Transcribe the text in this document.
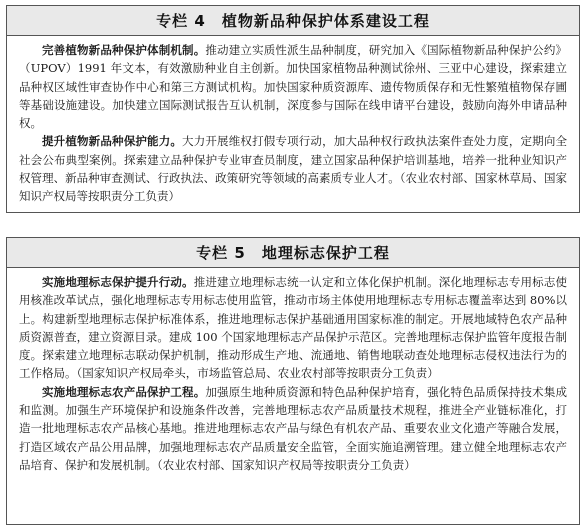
专栏 4　植物新品种保护体系建设工程

完善植物新品种保护体制机制。推动建立实质性派生品种制度，研究加入《国际植物新品种保护公约》（UPOV）1991 年文本，有效激励种业自主创新。加快国家植物品种测试徐州、三亚中心建设，探索建立品种权区域性审查协作中心和第三方测试机构。加快国家种质资源库、遗传物质保存和无性繁殖植物保存圃等基础设施建设。加快建立国际测试报告互认机制，深度参与国际在线申请平台建设，鼓励向海外申请品种权。

提升植物新品种保护能力。大力开展维权打假专项行动，加大品种权行政执法案件查处力度，定期向全社会公布典型案例。探索建立品种保护专业审查员制度，建立国家品种保护培训基地，培养一批种业知识产权管理、新品种审查测试、行政执法、政策研究等领域的高素质专业人才。（农业农村部、国家林草局、国家知识产权局等按职责分工负责）

专栏 5　地理标志保护工程

实施地理标志保护提升行动。推进建立地理标志统一认定和立体化保护机制。深化地理标志专用标志使用核准改革试点，强化地理标志专用标志使用监管，推动市场主体使用地理标志专用标志覆盖率达到 80%以上。构建新型地理标志保护标准体系，推进地理标志保护基础通用国家标准的制定。开展地域特色农产品种质资源普查，建立资源目录。建成 100 个国家地理标志产品保护示范区。完善地理标志保护监管年度报告制度。探索建立地理标志联动保护机制，推动形成生产地、流通地、销售地联动查处地理标志侵权违法行为的工作格局。（国家知识产权局牵头，市场监管总局、农业农村部等按职责分工负责）

实施地理标志农产品保护工程。加强原生地种质资源和特色品种保护培育，强化特色品质保持技术集成和监测。加强生产环境保护和设施条件改善，完善地理标志农产品质量技术规程，推进全产业链标准化，打造一批地理标志农产品核心基地。推进地理标志农产品与绿色有机农产品、重要农业文化遗产等融合发展，打造区域农产品公用品牌，加强地理标志农产品质量安全监管，全面实施追溯管理。建立健全地理标志农产品培育、保护和发展机制。（农业农村部、国家知识产权局等按职责分工负责）
